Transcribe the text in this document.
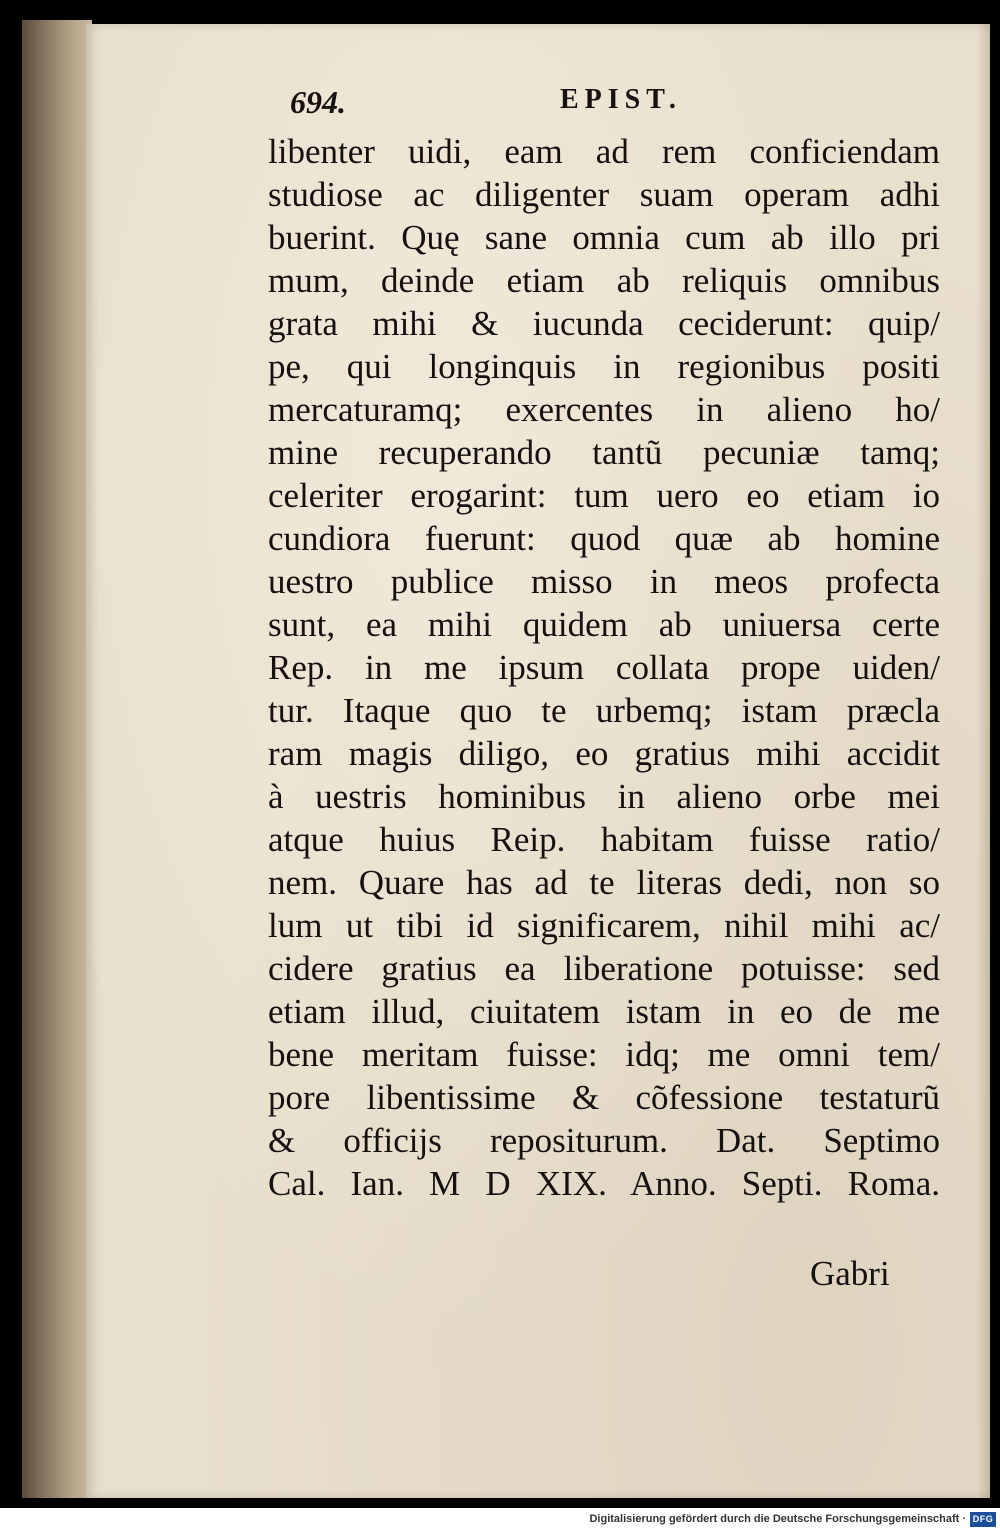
694.	EPIST.
libenter uidi, eam ad rem conficiendam
studiose ac diligenter suam operam adhi
buerint. Quę sane omnia cum ab illo pri
mum, deinde etiam ab reliquis omnibus
grata mihi & iucunda ceciderunt: quip/
pe, qui longinquis in regionibus positi
mercaturamq; exercentes in alieno ho/
mine recuperando tantũ pecuniæ tamq;
celeriter erogarint: tum uero eo etiam io
cundiora fuerunt: quod quæ ab homine
uestro publice misso in meos profecta
sunt, ea mihi quidem ab uniuersa certe
Rep. in me ipsum collata prope uiden/
tur. Itaque quo te urbemq; istam præcla
ram magis diligo, eo gratius mihi accidit
à uestris hominibus in alieno orbe mei
atque huius Reip. habitam fuisse ratio/
nem. Quare has ad te literas dedi, non so
lum ut tibi id significarem, nihil mihi ac/
cidere gratius ea liberatione potuisse: sed
etiam illud, ciuitatem istam in eo de me
bene meritam fuisse: idq; me omni tem/
pore libentissime & cõfessione testaturũ
& officijs repositurum. Dat. Septimo
Cal. Ian. M D XIX. Anno. Septi. Roma.
Gabri
Digitalisierung gefördert durch die Deutsche Forschungsgemeinschaft · DFG
